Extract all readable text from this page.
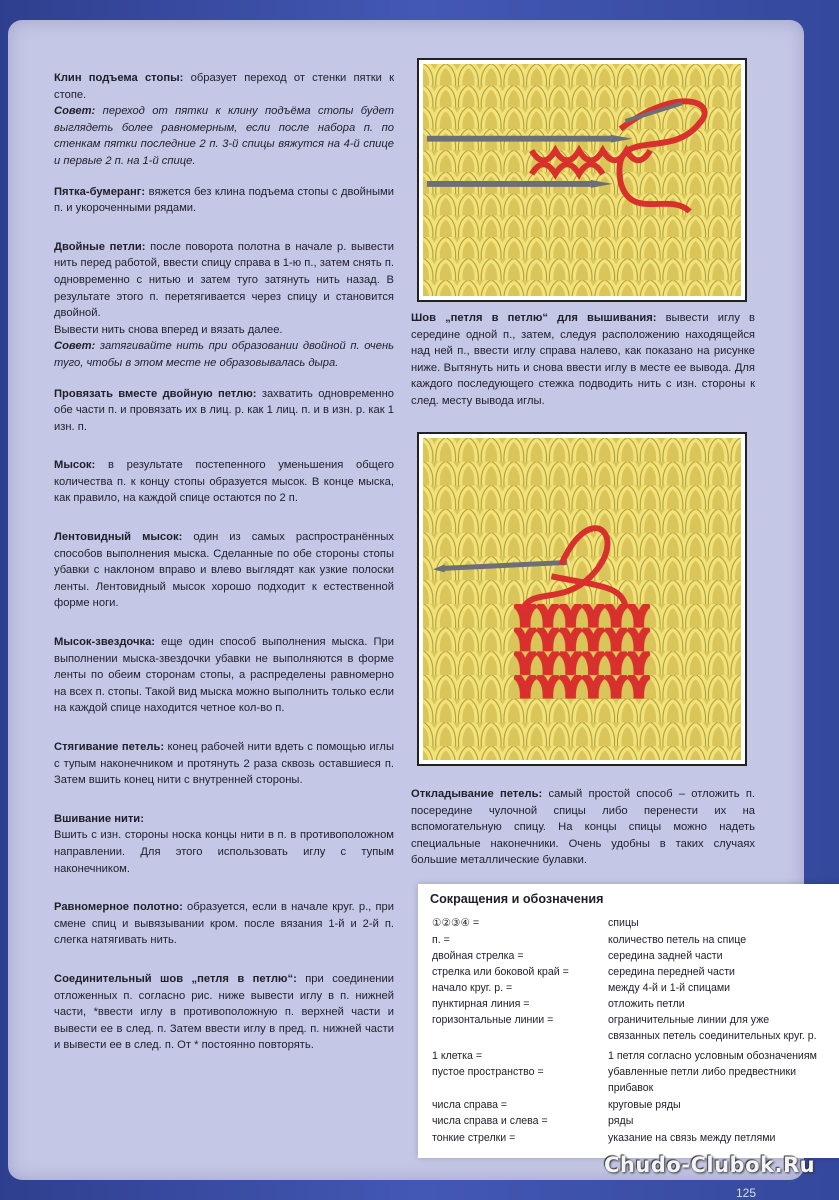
Клин подъема стопы: образует переход от стенки пятки к стопе.
Совет: переход от пятки к клину подъёма стопы будет выглядеть более равномерным, если после набора п. по стенкам пятки последние 2 п. 3-й спицы вяжутся на 4-й спице и первые 2 п. на 1-й спице.

Пятка-бумеранг: вяжется без клина подъема стопы с двойными п. и укороченными рядами.

Двойные петли: после поворота полотна в начале р. вывести нить перед работой, ввести спицу справа в 1-ю п., затем снять п. одновременно с нитью и затем туго затянуть нить назад. В результате этого п. перетягивается через спицу и становится двойной.
Вывести нить снова вперед и вязать далее.
Совет: затягивайте нить при образовании двойной п. очень туго, чтобы в этом месте не образовывалась дыра.

Провязать вместе двойную петлю: захватить одновременно обе части п. и провязать их в лиц. р. как 1 лиц. п. и в изн. р. как 1 изн. п.

Мысок: в результате постепенного уменьшения общего количества п. к концу стопы образуется мысок. В конце мыска, как правило, на каждой спице остаются по 2 п.

Лентовидный мысок: один из самых распространённых способов выполнения мыска. Сделанные по обе стороны стопы убавки с наклоном вправо и влево выглядят как узкие полоски ленты. Лентовидный мысок хорошо подходит к естественной форме ноги.

Мысок-звездочка: еще один способ выполнения мыска. При выполнении мыска-звездочки убавки не выполняются в форме ленты по обеим сторонам стопы, а распределены равномерно на всех п. стопы. Такой вид мыска можно выполнить только если на каждой спице находится четное кол-во п.

Стягивание петель: конец рабочей нити вдеть с помощью иглы с тупым наконечником и протянуть 2 раза сквозь оставшиеся п. Затем вшить конец нити с внутренней стороны.

Вшивание нити:
Вшить с изн. стороны носка концы нити в п. в противоположном направлении. Для этого использовать иглу с тупым наконечником.

Равномерное полотно: образуется, если в начале круг. р., при смене спиц и вывязывании кром. после вязания 1-й и 2-й п. слегка натягивать нить.

Соединительный шов „петля в петлю“: при соединении отложенных п. согласно рис. ниже вывести иглу в п. нижней части, *ввести иглу в противоположную п. верхней части и вывести ее в след. п. Затем ввести иглу в пред. п. нижней части и вывести ее в след. п. От * постоянно повторять.

Шов „петля в петлю“ для вышивания: вывести иглу в середине одной п., затем, следуя расположению находящейся над ней п., ввести иглу справа налево, как показано на рисунке ниже. Вытянуть нить и снова ввести иглу в месте ее вывода. Для каждого последующего стежка подводить нить с изн. стороны к след. месту вывода иглы.
Откладывание петель: самый простой способ – отложить п. посередине чулочной спицы либо перенести их на вспомогательную спицу. На концы спицы можно надеть специальные наконечники. Очень удобны в таких случаях большие металлические булавки.
Сокращения и обозначения
①②③④ =	спицы
п. =	количество петель на спице
двойная стрелка =	середина задней части
стрелка или боковой край =	середина передней части
начало круг. р. =	между 4-й и 1-й спицами
пунктирная линия =	отложить петли
горизонтальные линии =	ограничительные линии для уже
связанных петель соединительных круг. р.
1 клетка =	1 петля согласно условным обозначениям
пустое пространство =	убавленные петли либо предвестники
прибавок
числа справа =	круговые ряды
числа справа и слева =	ряды
тонкие стрелки =	указание на связь между петлями
Chudo-Clubok.Ru
125
